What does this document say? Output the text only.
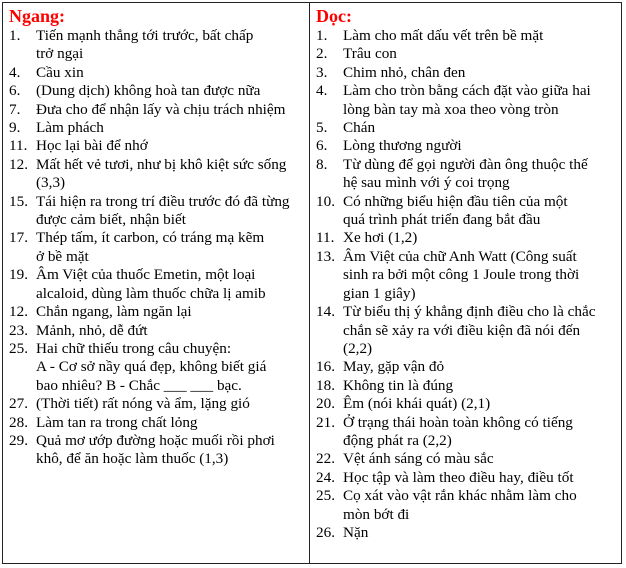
Ngang:
1.	Tiến mạnh thẳng tới trước, bất chấp
trở ngại
4.	Cầu xin
6.	(Dung dịch) không hoà tan được nữa
7.	Đưa cho để nhận lấy và chịu trách nhiệm
9.	Làm phách
11. Học lại bài để nhớ
12. Mất hết vẻ tươi, như bị khô kiệt sức sống
(3,3)
15. Tái hiện ra trong trí điều trước đó đã từng
được cảm biết, nhận biết
17. Thép tấm, ít carbon, có tráng mạ kẽm
ở bề mặt
19. Âm Việt của thuốc Emetin, một loại
alcaloid, dùng làm thuốc chữa lị amib
12. Chắn ngang, làm ngăn lại
23. Mảnh, nhỏ, dễ đứt
25. Hai chữ thiếu trong câu chuyện:
A - Cơ sở nầy quá đẹp, không biết giá
bao nhiêu? B - Chắc ___ ___ bạc.
27. (Thời tiết) rất nóng và ẩm, lặng gió
28. Làm tan ra trong chất lỏng
29. Quả mơ ướp đường hoặc muối rồi phơi
khô, để ăn hoặc làm thuốc (1,3)
Dọc:
1.	Làm cho mất dấu vết trên bề mặt
2.	Trâu con
3.	Chim nhỏ, chân đen
4.	Làm cho tròn bằng cách đặt vào giữa hai
lòng bàn tay mà xoa theo vòng tròn
5.	Chán
6.	Lòng thương người
8.	Từ dùng để gọi người đàn ông thuộc thế
hệ sau mình với ý coi trọng
10. Có những biểu hiện đầu tiên của một
quá trình phát triển đang bắt đầu
11. Xe hơi (1,2)
13. Âm Việt của chữ Anh Watt (Công suất
sinh ra bởi một công 1 Joule trong thời
gian 1 giây)
14. Từ biểu thị ý khẳng định điều cho là chắc
chắn sẽ xảy ra với điều kiện đã nói đến
(2,2)
16. May, gặp vận đỏ
18. Không tin là đúng
20. Êm (nói khái quát) (2,1)
21. Ở trạng thái hoàn toàn không có tiếng
động phát ra (2,2)
22. Vệt ánh sáng có màu sắc
24. Học tập và làm theo điều hay, điều tốt
25. Cọ xát vào vật rắn khác nhằm làm cho
mòn bớt đi
26. Nặn
